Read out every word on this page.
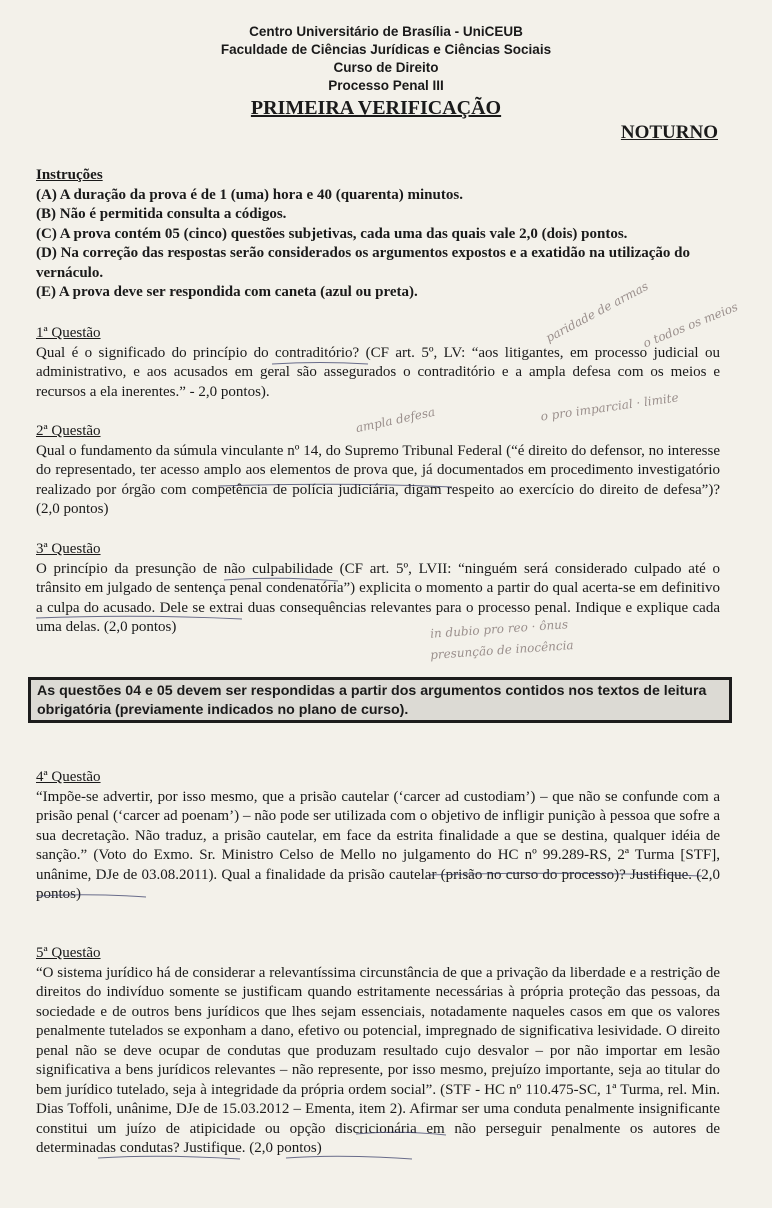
Centro Universitário de Brasília - UniCEUB
Faculdade de Ciências Jurídicas e Ciências Sociais
Curso de Direito
Processo Penal III
PRIMEIRA VERIFICAÇÃO
NOTURNO
Instruções
(A) A duração da prova é de 1 (uma) hora e 40 (quarenta) minutos.
(B) Não é permitida consulta a códigos.
(C) A prova contém 05 (cinco) questões subjetivas, cada uma das quais vale 2,0 (dois) pontos.
(D) Na correção das respostas serão considerados os argumentos expostos e a exatidão na utilização do vernáculo.
(E) A prova deve ser respondida com caneta (azul ou preta).
1ª Questão
Qual é o significado do princípio do contraditório? (CF art. 5º, LV: “aos litigantes, em processo judicial ou administrativo, e aos acusados em geral são assegurados o contraditório e a ampla defesa com os meios e recursos a ela inerentes.” - 2,0 pontos).
2ª Questão
Qual o fundamento da súmula vinculante nº 14, do Supremo Tribunal Federal (“é direito do defensor, no interesse do representado, ter acesso amplo aos elementos de prova que, já documentados em procedimento investigatório realizado por órgão com competência de polícia judiciária, digam respeito ao exercício do direito de defesa”)? (2,0 pontos)
3ª Questão
O princípio da presunção de não culpabilidade (CF art. 5º, LVII: “ninguém será considerado culpado até o trânsito em julgado de sentença penal condenatória”) explicita o momento a partir do qual acerta-se em definitivo a culpa do acusado. Dele se extrai duas consequências relevantes para o processo penal. Indique e explique cada uma delas. (2,0 pontos)
As questões 04 e 05 devem ser respondidas a partir dos argumentos contidos nos textos de leitura obrigatória (previamente indicados no plano de curso).
4ª Questão
“Impõe-se advertir, por isso mesmo, que a prisão cautelar (‘carcer ad custodiam’) – que não se confunde com a prisão penal (‘carcer ad poenam’) – não pode ser utilizada com o objetivo de infligir punição à pessoa que sofre a sua decretação. Não traduz, a prisão cautelar, em face da estrita finalidade a que se destina, qualquer idéia de sanção.” (Voto do Exmo. Sr. Ministro Celso de Mello no julgamento do HC nº 99.289-RS, 2ª Turma [STF], unânime, DJe de 03.08.2011). Qual a finalidade da prisão cautelar (prisão no curso do processo)? Justifique. (2,0 pontos)
5ª Questão
“O sistema jurídico há de considerar a relevantíssima circunstância de que a privação da liberdade e a restrição de direitos do indivíduo somente se justificam quando estritamente necessárias à própria proteção das pessoas, da sociedade e de outros bens jurídicos que lhes sejam essenciais, notadamente naqueles casos em que os valores penalmente tutelados se exponham a dano, efetivo ou potencial, impregnado de significativa lesividade. O direito penal não se deve ocupar de condutas que produzam resultado cujo desvalor – por não importar em lesão significativa a bens jurídicos relevantes – não represente, por isso mesmo, prejuízo importante, seja ao titular do bem jurídico tutelado, seja à integridade da própria ordem social”. (STF - HC nº 110.475-SC, 1ª Turma, rel. Min. Dias Toffoli, unânime, DJe de 15.03.2012 – Ementa, item 2). Afirmar ser uma conduta penalmente insignificante constitui um juízo de atipicidade ou opção discricionária em não perseguir penalmente os autores de determinadas condutas? Justifique. (2,0 pontos)
paridade de armas
o todos os meios
ampla defesa	o pro imparcial · limite
in dubio pro reo · ônus
presunção de inocência
